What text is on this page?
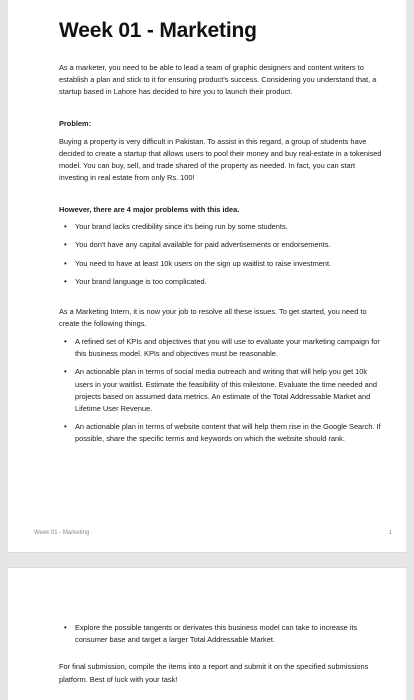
Week 01 - Marketing

As a marketer, you need to be able to lead a team of graphic designers and content writers to establish a plan and stick to it for ensuring product's success. Considering you understand that, a startup based in Lahore has decided to hire you to launch their product.

Problem:

Buying a property is very difficult in Pakistan. To assist in this regard, a group of students have decided to create a startup that allows users to pool their money and buy real-estate in a tokenised model. You can buy, sell, and trade shared of the property as needed. In fact, you can start investing in real estate from only Rs. 100!

However, there are 4 major problems with this idea.

• Your brand lacks credibility since it's being run by some students.
• You don't have any capital available for paid advertisements or endorsements.
• You need to have at least 10k users on the sign up waitlist to raise investment.
• Your brand language is too complicated.

As a Marketing Intern, it is now your job to resolve all these issues. To get started, you need to create the following things.

• A refined set of KPIs and objectives that you will use to evaluate your marketing campaign for this business model. KPIs and objectives must be reasonable.
• An actionable plan in terms of social media outreach and writing that will help you get 10k users in your waitlist. Estimate the feasibility of this milestone. Evaluate the time needed and projects based on assumed data metrics. An estimate of the Total Addressable Market and Lifetime User Revenue.
• An actionable plan in terms of website content that will help them rise in the Google Search. If possible, share the specific terms and keywords on which the website should rank.
Week 01 - Marketing	1
• Explore the possible tangents or derivates this business model can take to increase its consumer base and target a larger Total Addressable Market.

For final submission, compile the items into a report and submit it on the specified submissions platform. Best of luck with your task!
